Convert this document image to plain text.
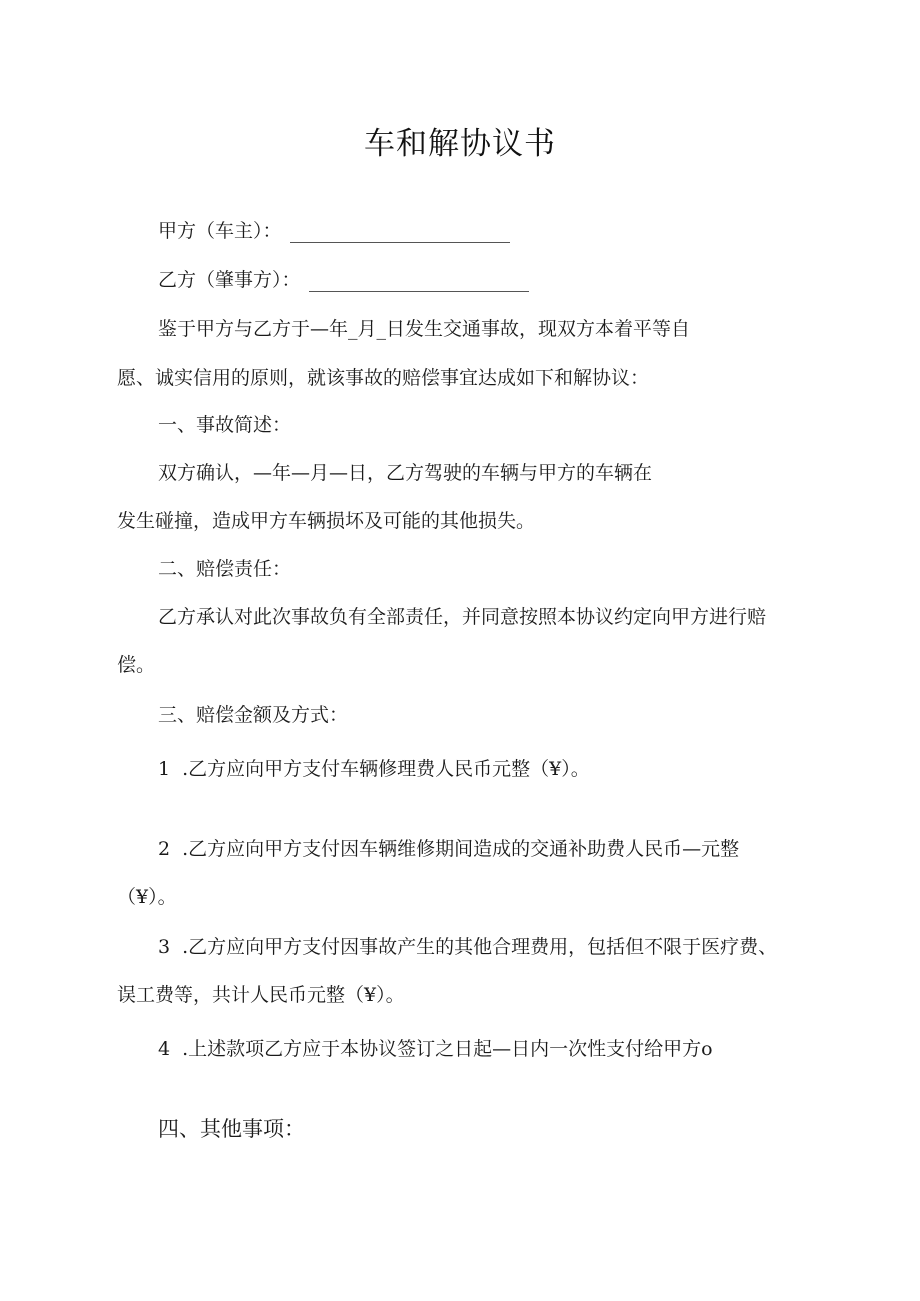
车和解协议书
甲方（车主）：
乙方（肇事方）：
鉴于甲方与乙方于—年_月_日发生交通事故，现双方本着平等自
愿、诚实信用的原则，就该事故的赔偿事宜达成如下和解协议：
一、事故简述：
双方确认，—年—月—日，乙方驾驶的车辆与甲方的车辆在
发生碰撞，造成甲方车辆损坏及可能的其他损失。
二、赔偿责任：
乙方承认对此次事故负有全部责任，并同意按照本协议约定向甲方进行赔
偿。
三、赔偿金额及方式：
1 .乙方应向甲方支付车辆修理费人民币元整（¥）。
2 .乙方应向甲方支付因车辆维修期间造成的交通补助费人民币—元整
（¥）。
3 .乙方应向甲方支付因事故产生的其他合理费用，包括但不限于医疗费、
误工费等，共计人民币元整（¥）。
4 .上述款项乙方应于本协议签订之日起—日内一次性支付给甲方o
四、其他事项：
